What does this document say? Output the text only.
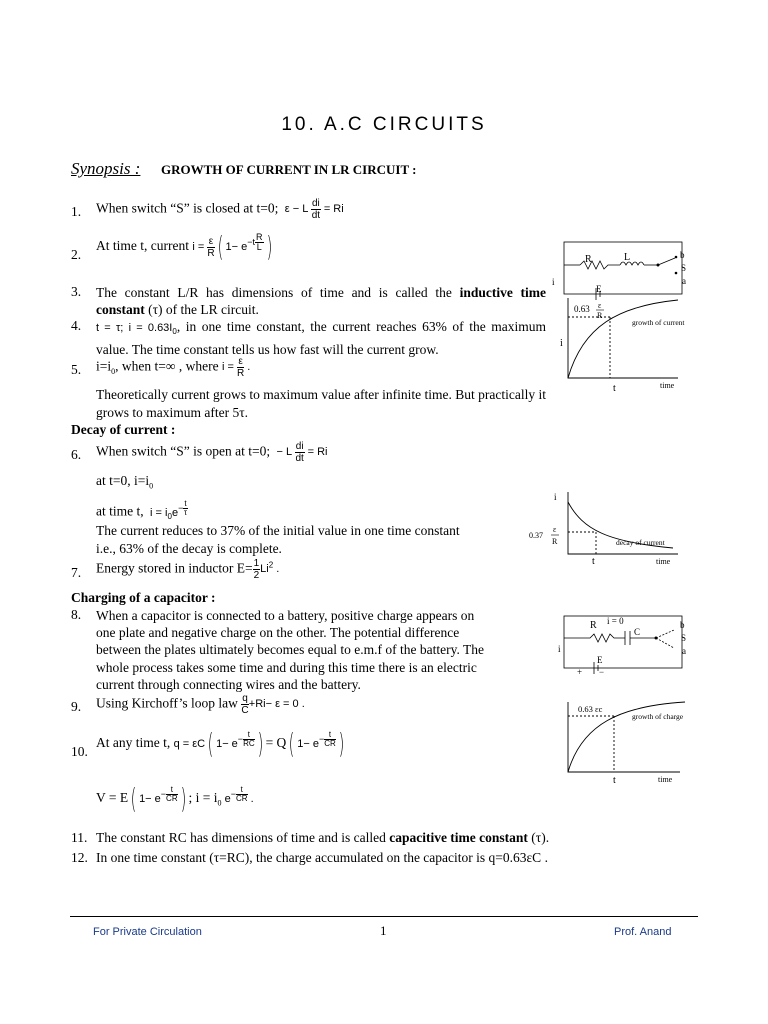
10. A.C CIRCUITS
Synopsis : GROWTH OF CURRENT IN LR CIRCUIT :
1. When switch “S” is closed at t=0;  ε − L $\frac{di}{dt} = Ri$
2.
At time t, current $i = \frac{\varepsilon}{R}$ ( $1- e^{-t \frac{R}{L}}$ )
3. The constant L/R has dimensions of time and is called the inductive time constant (τ) of the LR circuit.
4. t = τ; $i = 0.63I_0$, in one time constant, the current reaches 63% of the maximum value. The time constant tells us how fast will the current grow.
5. $i=i_0$, when t=∞ , where $i = \frac{\varepsilon}{R}$ .
Theoretically current grows to maximum value after infinite time. But practically it grows to maximum after 5τ.
Decay of current :
6. When switch “S” is open at t=0;  − L $\frac{di}{dt} = Ri$
at t=0, $i=i_0$
at time t,  $i = i_0e^{- \frac{t}{\tau}}$
The current reduces to 37% of the initial value in one time constant
i.e., 63% of the decay is complete.
7. Energy stored in inductor $E= \frac{1}{2} Li^2$ .
Charging of a capacitor :
8. When a capacitor is connected to a battery, positive charge appears on
one plate and negative charge on the other. The potential difference
between the plates ultimately becomes equal to e.m.f of the battery. The
whole process takes some time and during this time there is an electric
current through connecting wires and the battery.
9. Using Kirchoff’s loop law $\frac{q}{C} +Ri- \varepsilon = 0$ .
10.
At any time t, q = εC( $1- e^{- \frac{t}{RC}}$ ) = Q( $1- e^{- \frac{t}{CR}}$ )
V = E( $1- e^{- \frac{t}{CR}}$ ) ; $i = i_0$ $e^{- \frac{t}{CR}}$ .
11. The constant RC has dimensions of time and is called capacitive time constant (τ).
12. In one time constant (τ=RC), the charge accumulated on the capacitor is q=0.63εC .
R	L
E
b
S
a
i
0.63 ε
R
growth of current
i
t	time
i
0.37
ε
R	decay of current
t	time
R i = 0
C
E
+ −
b
S
a
i
0.63 εc
growth of charge
t	time
For Private Circulation	1	Prof. Anand
